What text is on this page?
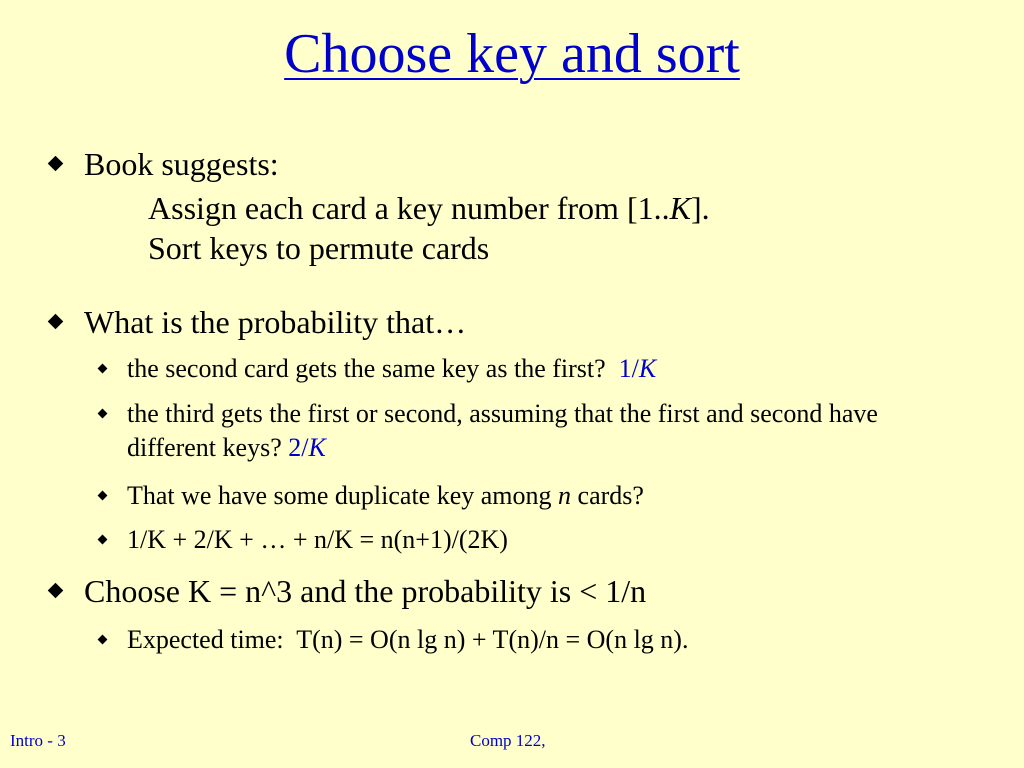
Choose key and sort
Book suggests:
Assign each card a key number from [1..K].
Sort keys to permute cards
What is the probability that…
the second card gets the same key as the first?  1/K
the third gets the first or second, assuming that the first and second have different keys? 2/K
That we have some duplicate key among n cards?
1/K + 2/K + … + n/K = n(n+1)/(2K)
Choose K = n^3 and the probability is < 1/n
Expected time:  T(n) = O(n lg n) + T(n)/n = O(n lg n).
Intro - 3	Comp 122,
